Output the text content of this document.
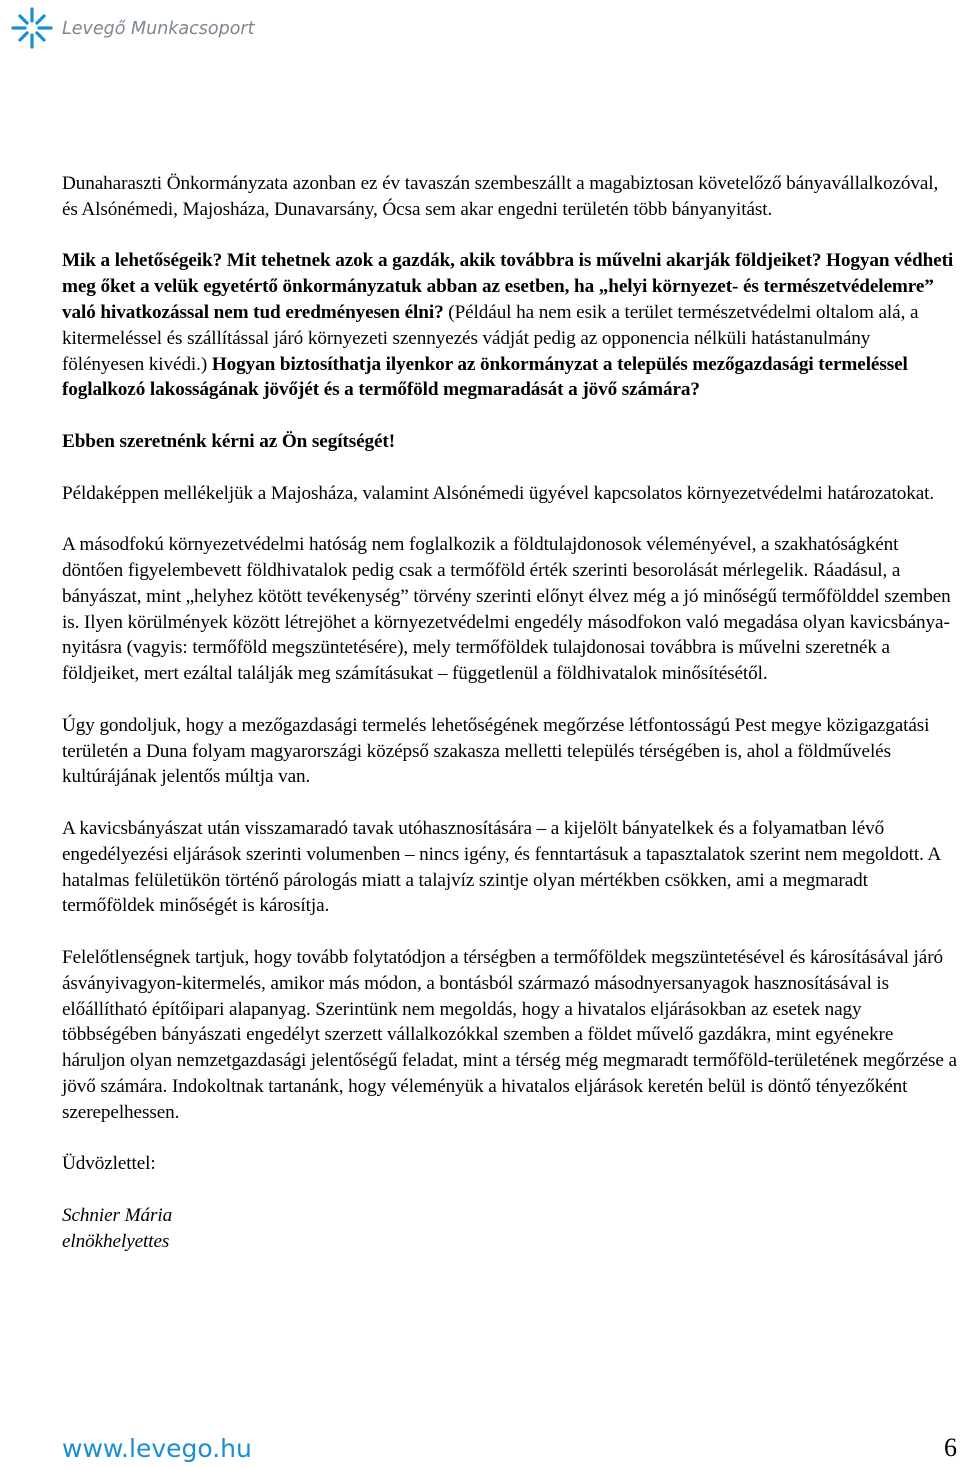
Levegő Munkacsoport

Dunaharaszti Önkormányzata azonban ez év tavaszán szembeszállt a magabiztosan követelőző bányavállalkozóval, és Alsónémedi, Majosháza, Dunavarsány, Ócsa sem akar engedni területén több bányanyitást.

Mik a lehetőségeik? Mit tehetnek azok a gazdák, akik továbbra is művelni akarják földjeiket? Hogyan védheti meg őket a velük egyetértő önkormányzatuk abban az esetben, ha „helyi környezet- és természetvédelemre” való hivatkozással nem tud eredményesen élni? (Például ha nem esik a terület természetvédelmi oltalom alá, a kitermeléssel és szállítással járó környezeti szennyezés vádját pedig az opponencia nélküli hatástanulmány fölényesen kivédi.) Hogyan biztosíthatja ilyenkor az önkormányzat a település mezőgazdasági termeléssel foglalkozó lakosságának jövőjét és a termőföld megmaradását a jövő számára?

Ebben szeretnénk kérni az Ön segítségét!

Példaképpen mellékeljük a Majosháza, valamint Alsónémedi ügyével kapcsolatos környezetvédelmi határozatokat.

A másodfokú környezetvédelmi hatóság nem foglalkozik a földtulajdonosok véleményével, a szakhatóságként döntően figyelembevett földhivatalok pedig csak a termőföld érték szerinti besorolását mérlegelik. Ráadásul, a bányászat, mint „helyhez kötött tevékenység” törvény szerinti előnyt élvez még a jó minőségű termőfölddel szemben is. Ilyen körülmények között létrejöhet a környezetvédelmi engedély másodfokon való megadása olyan kavicsbánya-nyitásra (vagyis: termőföld megszüntetésére), mely termőföldek tulajdonosai továbbra is művelni szeretnék a földjeiket, mert ezáltal találják meg számításukat – függetlenül a földhivatalok minősítésétől.

Úgy gondoljuk, hogy a mezőgazdasági termelés lehetőségének megőrzése létfontosságú Pest megye közigazgatási területén a Duna folyam magyarországi középső szakasza melletti település térségében is, ahol a földművelés kultúrájának jelentős múltja van.

A kavicsbányászat után visszamaradó tavak utóhasznosítására – a kijelölt bányatelkek és a folyamatban lévő engedélyezési eljárások szerinti volumenben – nincs igény, és fenntartásuk a tapasztalatok szerint nem megoldott. A hatalmas felületükön történő párologás miatt a talajvíz szintje olyan mértékben csökken, ami a megmaradt termőföldek minőségét is károsítja.

Felelőtlenségnek tartjuk, hogy tovább folytatódjon a térségben a termőföldek megszüntetésével és károsításával járó ásványivagyon-kitermelés, amikor más módon, a bontásból származó másodnyersanyagok hasznosításával is előállítható építőipari alapanyag. Szerintünk nem megoldás, hogy a hivatalos eljárásokban az esetek nagy többségében bányászati engedélyt szerzett vállalkozókkal szemben a földet művelő gazdákra, mint egyénekre háruljon olyan nemzetgazdasági jelentőségű feladat, mint a térség még megmaradt termőföld-területének megőrzése a jövő számára. Indokoltnak tartanánk, hogy véleményük a hivatalos eljárások keretén belül is döntő tényezőként szerepelhessen.

Üdvözlettel:

Schnier Mária

elnökhelyettes

www.levego.hu	6
